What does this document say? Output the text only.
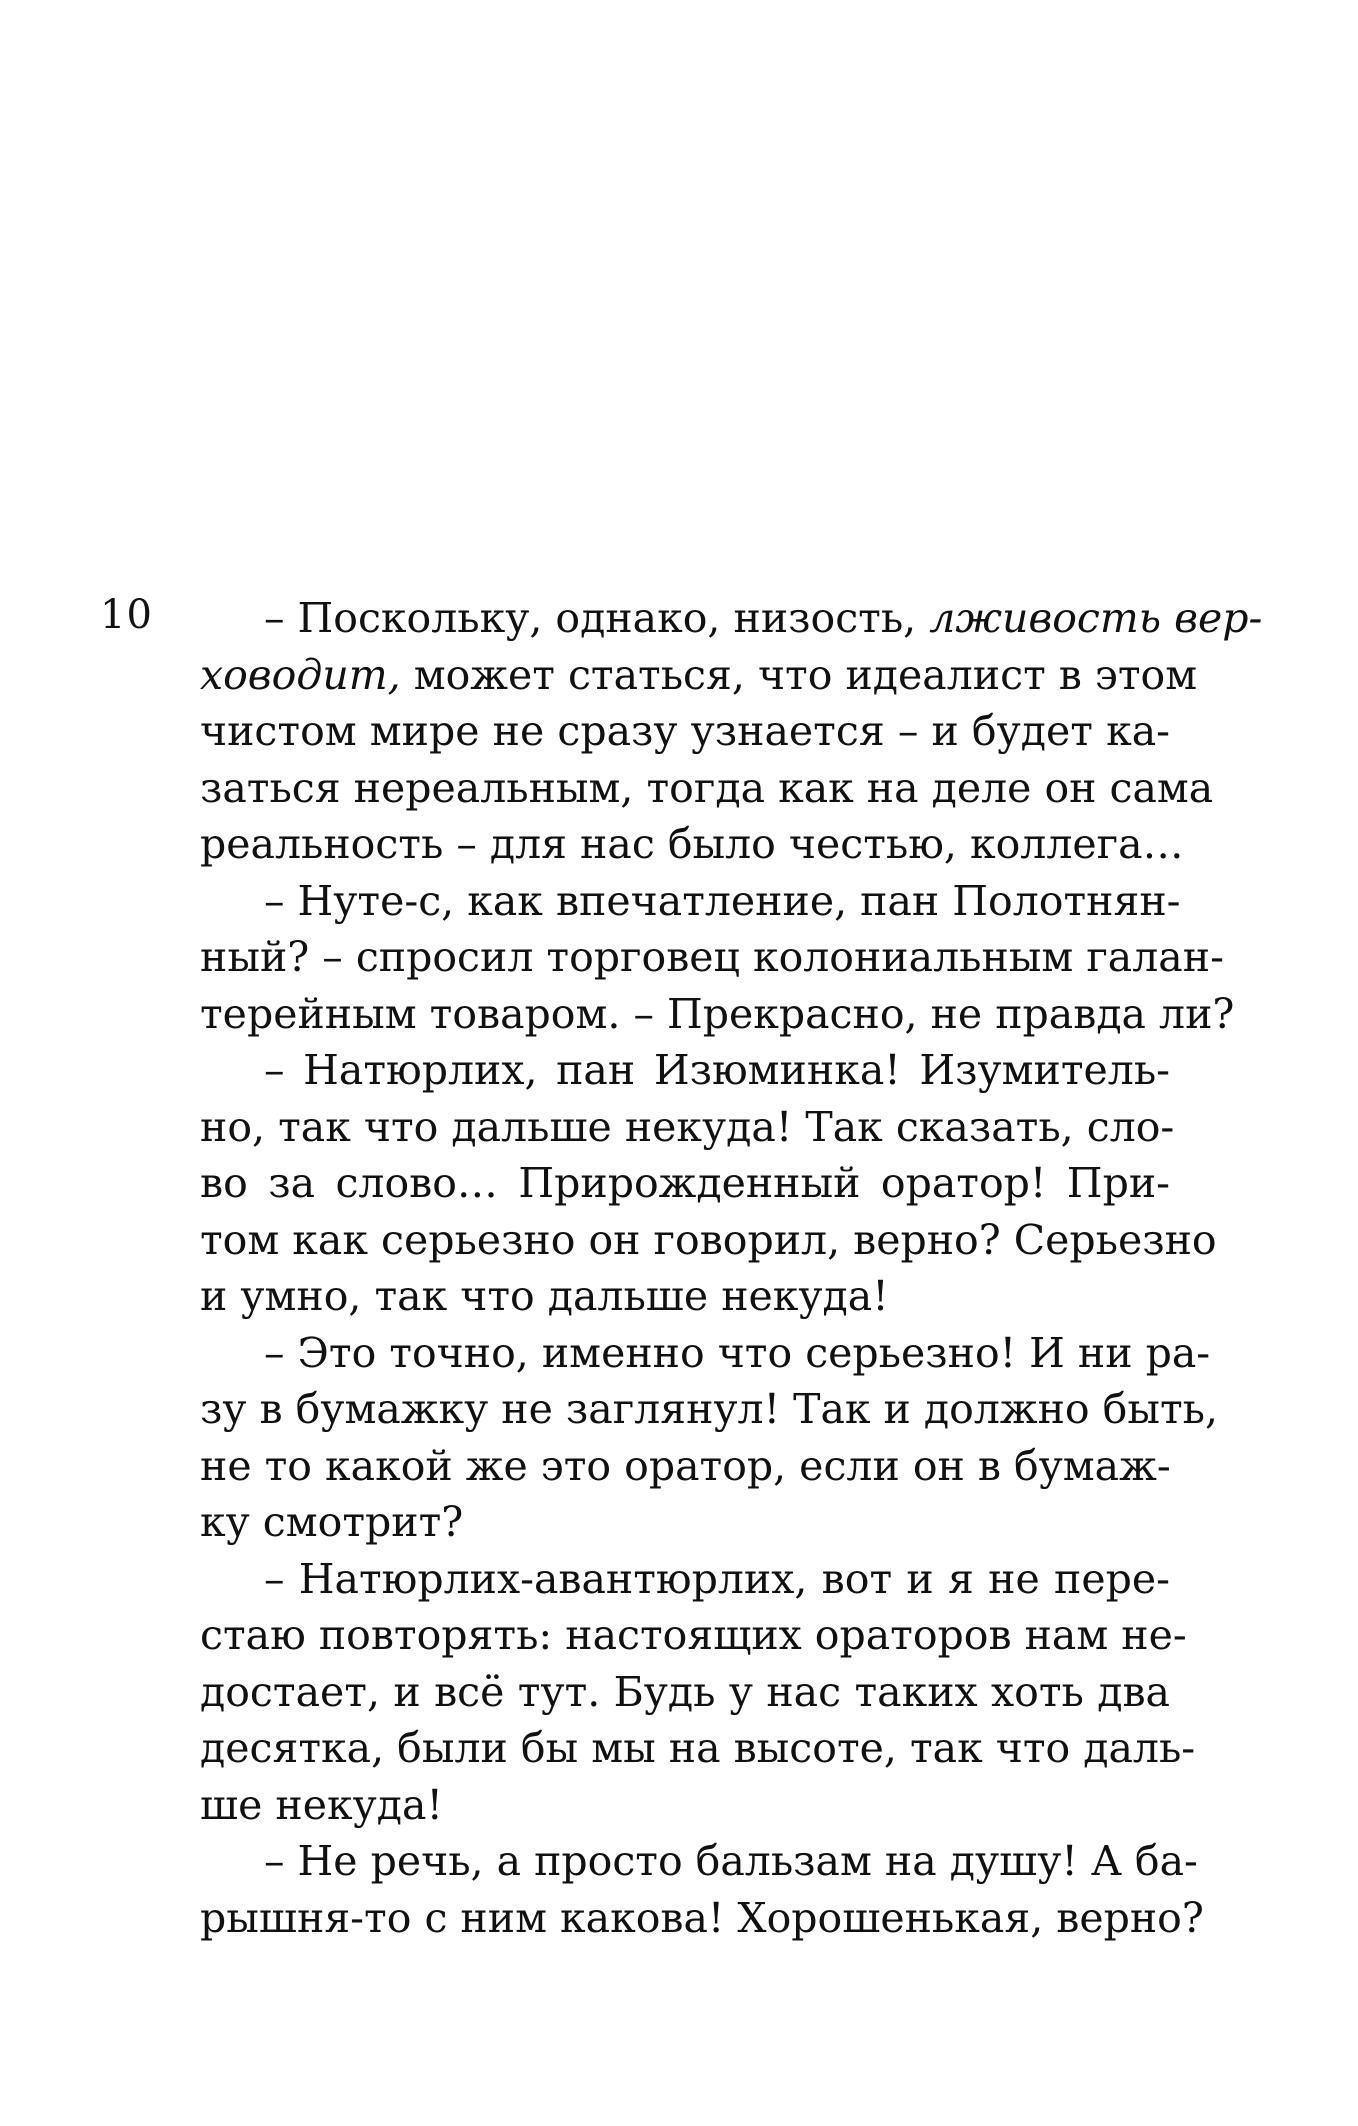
10	– Поскольку, однако, низость, лживость вер-
ховодит, может статься, что идеалист в этом
чистом мире не сразу узнается – и будет ка-
заться нереальным, тогда как на деле он сама
реальность – для нас было честью, коллега…
– Нуте-с, как впечатление, пан Полотнян-
ный? – спросил торговец колониальным галан-
терейным товаром. – Прекрасно, не правда ли?
– Натюрлих, пан Изюминка! Изумитель-
но, так что дальше некуда! Так сказать, сло-
во за слово… Прирожденный оратор! При-
том как серьезно он говорил, верно? Серьезно
и умно, так что дальше некуда!
– Это точно, именно что серьезно! И ни ра-
зу в бумажку не заглянул! Так и должно быть,
не то какой же это оратор, если он в бумаж-
ку смотрит?
– Натюрлих-авантюрлих, вот и я не пере-
стаю повторять: настоящих ораторов нам не-
достает, и всё тут. Будь у нас таких хоть два
десятка, были бы мы на высоте, так что даль-
ше некуда!
– Не речь, а просто бальзам на душу! А ба-
рышня-то с ним какова! Хорошенькая, верно?
